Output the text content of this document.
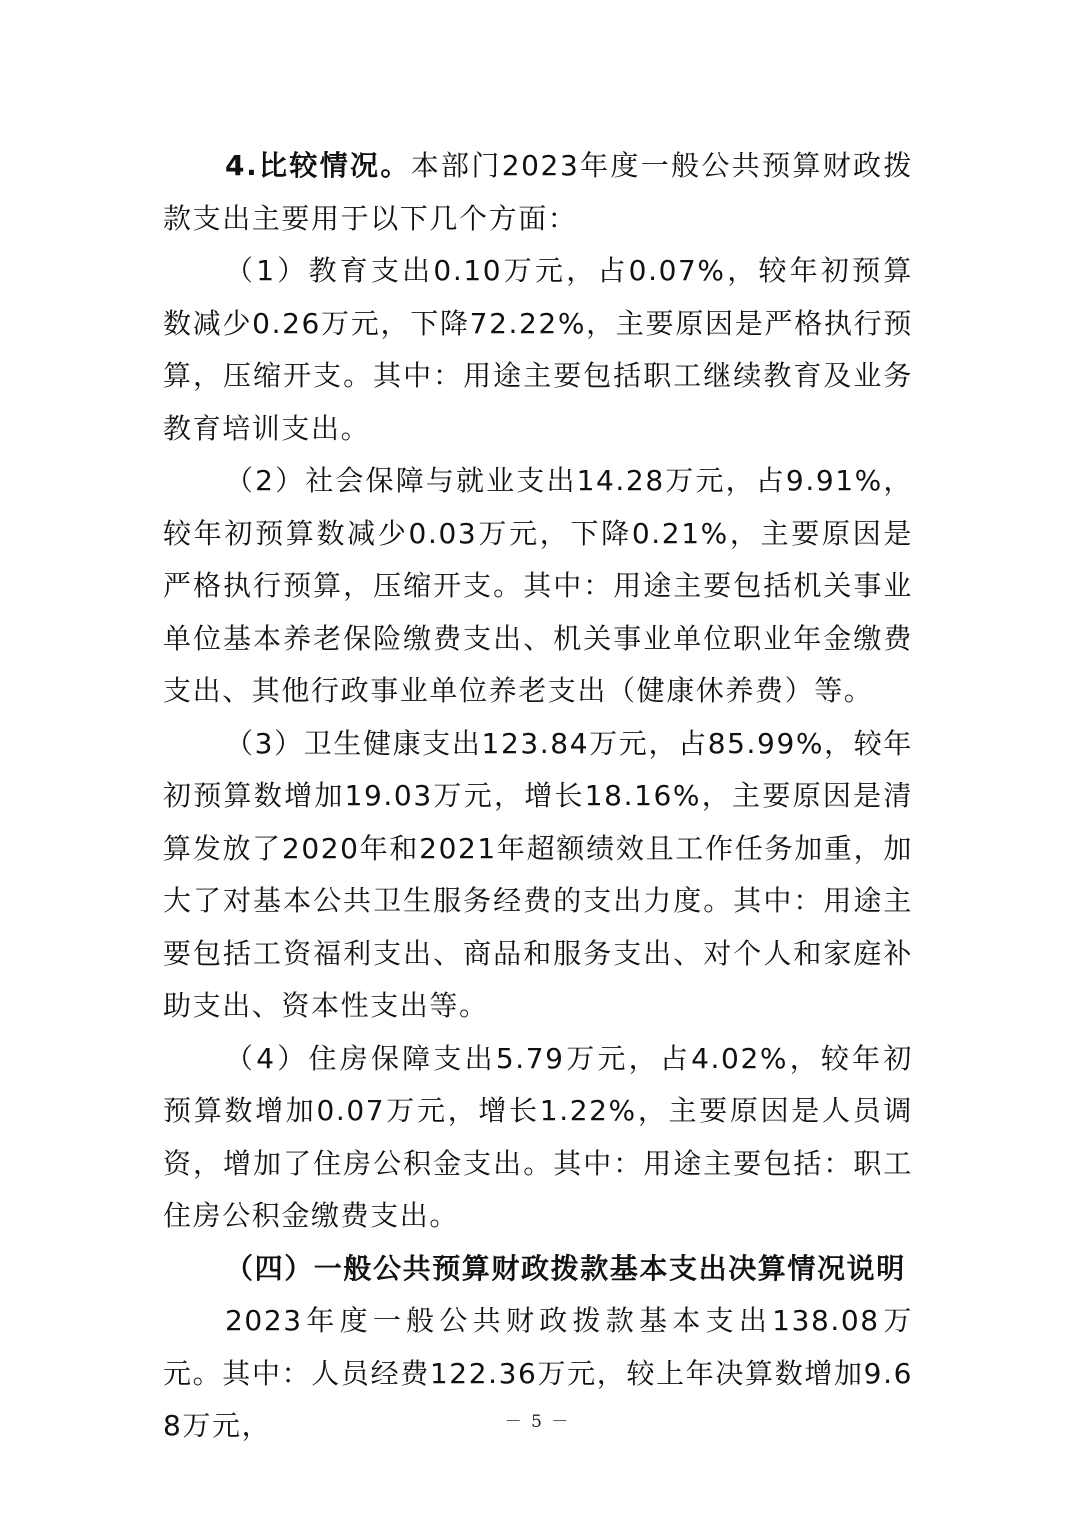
4.比较情况。本部门2023年度一般公共预算财政拨款支出主要用于以下几个方面：

（1）教育支出0.10万元，占0.07%，较年初预算数减少0.26万元，下降72.22%，主要原因是严格执行预算，压缩开支。其中：用途主要包括职工继续教育及业务教育培训支出。

（2）社会保障与就业支出14.28万元，占9.91%，较年初预算数减少0.03万元，下降0.21%，主要原因是严格执行预算，压缩开支。其中：用途主要包括机关事业单位基本养老保险缴费支出、机关事业单位职业年金缴费支出、其他行政事业单位养老支出（健康休养费）等。

（3）卫生健康支出123.84万元，占85.99%，较年初预算数增加19.03万元，增长18.16%，主要原因是清算发放了2020年和2021年超额绩效且工作任务加重，加大了对基本公共卫生服务经费的支出力度。其中：用途主要包括工资福利支出、商品和服务支出、对个人和家庭补助支出、资本性支出等。

（4）住房保障支出5.79万元，占4.02%，较年初预算数增加0.07万元，增长1.22%，主要原因是人员调资，增加了住房公积金支出。其中：用途主要包括：职工住房公积金缴费支出。

（四）一般公共预算财政拨款基本支出决算情况说明

2023年度一般公共财政拨款基本支出138.08万元。其中：人员经费122.36万元，较上年决算数增加9.68万元，	－ 5 －
